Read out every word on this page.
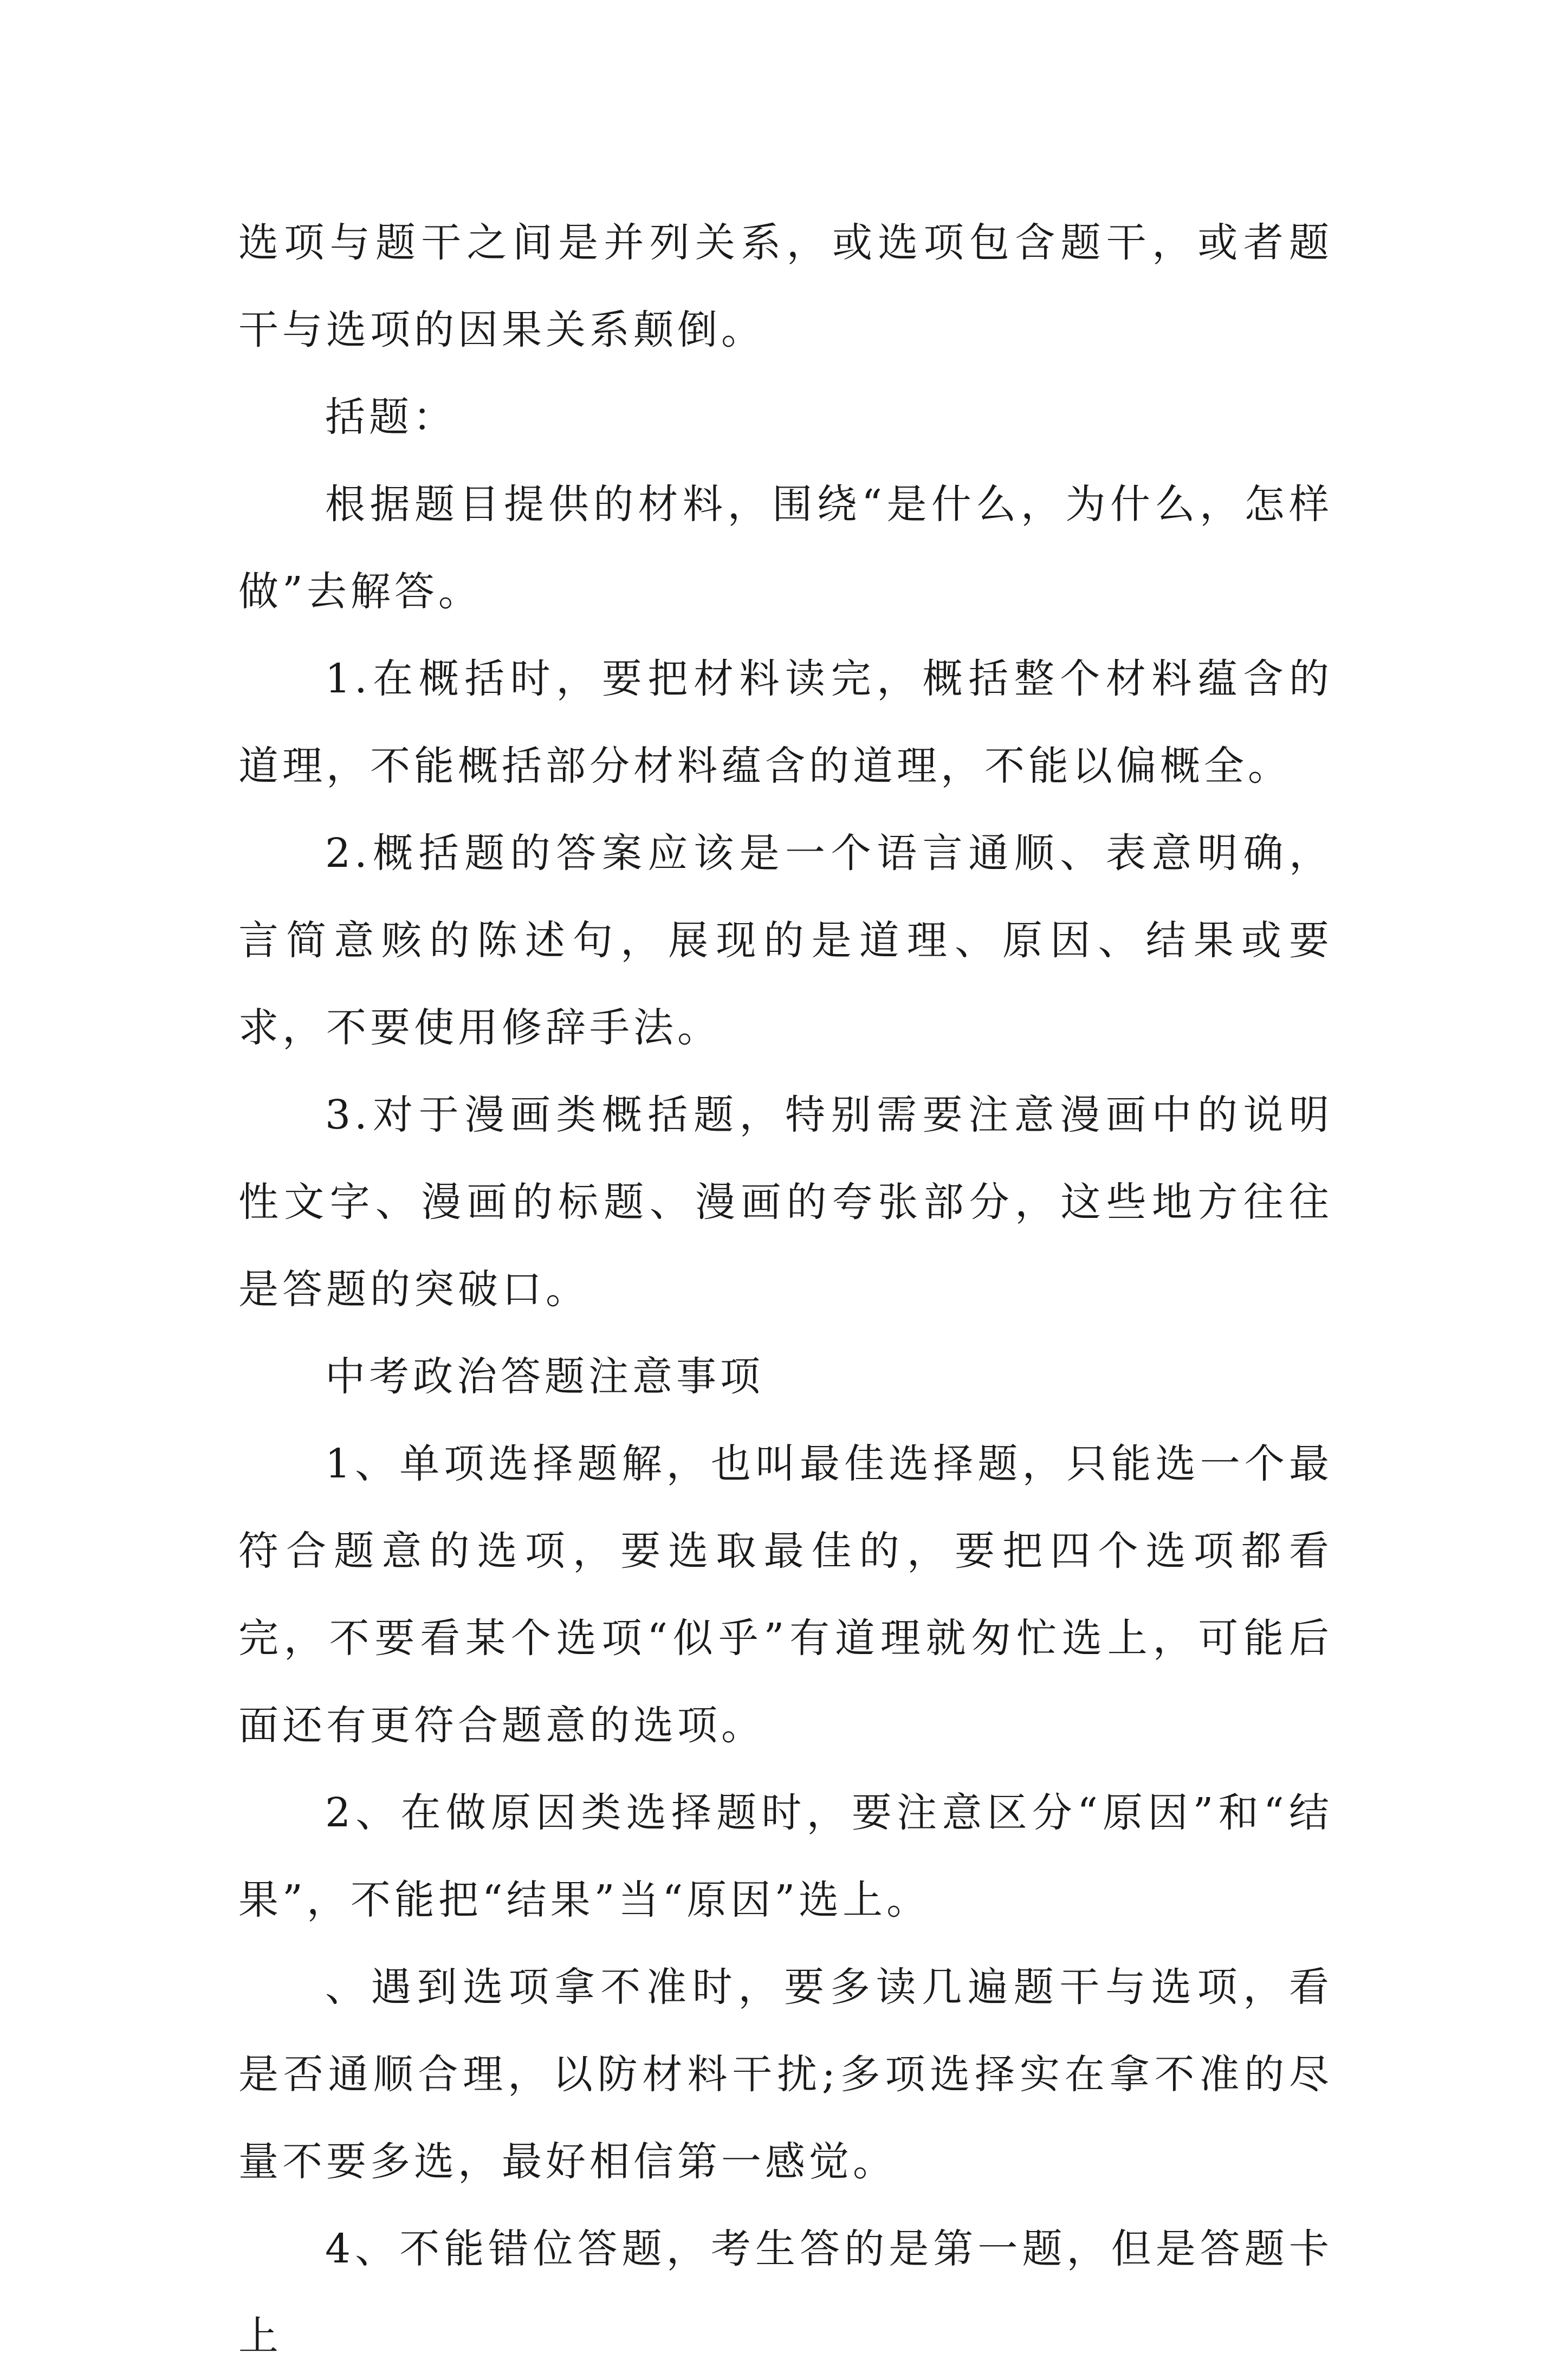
选项与题干之间是并列关系，或选项包含题干，或者题干与选项的因果关系颠倒。

括题：

根据题目提供的材料，围绕“是什么，为什么，怎样做”去解答。

1.在概括时，要把材料读完，概括整个材料蕴含的道理，不能概括部分材料蕴含的道理，不能以偏概全。

2.概括题的答案应该是一个语言通顺、表意明确，言简意赅的陈述句，展现的是道理、原因、结果或要求，不要使用修辞手法。

3.对于漫画类概括题，特别需要注意漫画中的说明性文字、漫画的标题、漫画的夸张部分，这些地方往往是答题的突破口。

中考政治答题注意事项

1、单项选择题解，也叫最佳选择题，只能选一个最符合题意的选项，要选取最佳的，要把四个选项都看完，不要看某个选项“似乎”有道理就匆忙选上，可能后面还有更符合题意的选项。

2、在做原因类选择题时，要注意区分“原因”和“结果”，不能把“结果”当“原因”选上。

、遇到选项拿不准时，要多读几遍题干与选项，看是否通顺合理，以防材料干扰;多项选择实在拿不准的尽量不要多选，最好相信第一感觉。

4、不能错位答题，考生答的是第一题，但是答题卡上
